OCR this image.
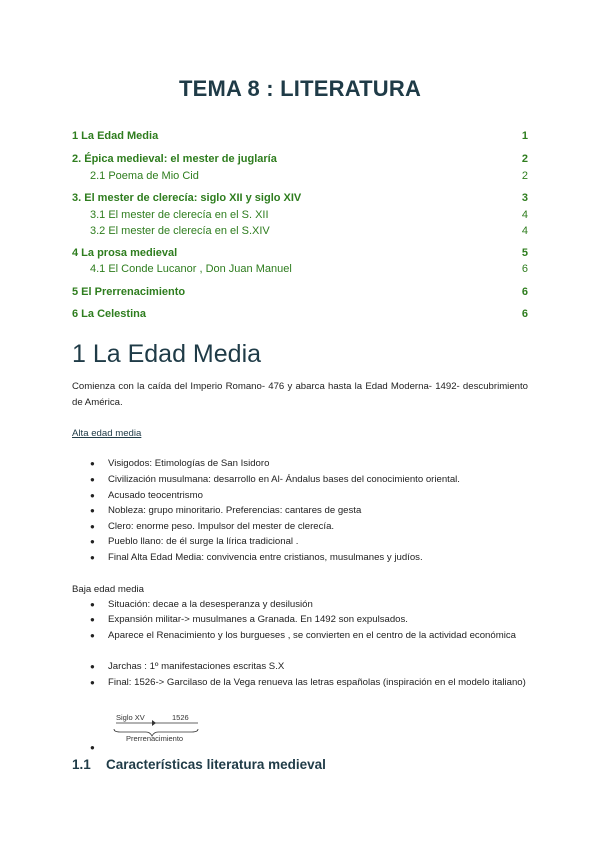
TEMA 8 : LITERATURA
1 La Edad Media	1
2. Épica medieval: el mester de juglaría	2
2.1 Poema de Mio Cid	2
3. El mester de clerecía: siglo XII y siglo XIV	3
3.1 El mester de clerecía en el S. XII	4
3.2 El mester de clerecía en el S.XIV	4
4 La prosa medieval	5
4.1 El Conde Lucanor , Don Juan Manuel	6
5 El Prerrenacimiento	6
6 La Celestina	6
1 La Edad Media
Comienza con la caída del Imperio Romano- 476 y abarca hasta la Edad Moderna- 1492- descubrimiento de América.
Alta edad media
● Visigodos: Etimologías de San Isidoro
● Civilización musulmana: desarrollo en Al- Ándalus bases del conocimiento oriental.
● Acusado teocentrismo
● Nobleza: grupo minoritario. Preferencias: cantares de gesta
● Clero: enorme peso. Impulsor del mester de clerecía.
● Pueblo llano: de él surge la lírica tradicional .
● Final Alta Edad Media: convivencia entre cristianos, musulmanes y judíos.
Baja edad media
● Situación: decae a la desesperanza y desilusión
● Expansión militar-> musulmanes a Granada. En 1492 son expulsados.
● Aparece el Renacimiento y los burgueses , se convierten en el centro de la actividad económica
● Jarchas : 1º manifestaciones escritas S.X
● Final: 1526-> Garcilaso de la Vega renueva las letras españolas (inspiración en el modelo italiano)
Siglo XV	1526
Prerrenacimiento
●
1.1 Características literatura medieval
